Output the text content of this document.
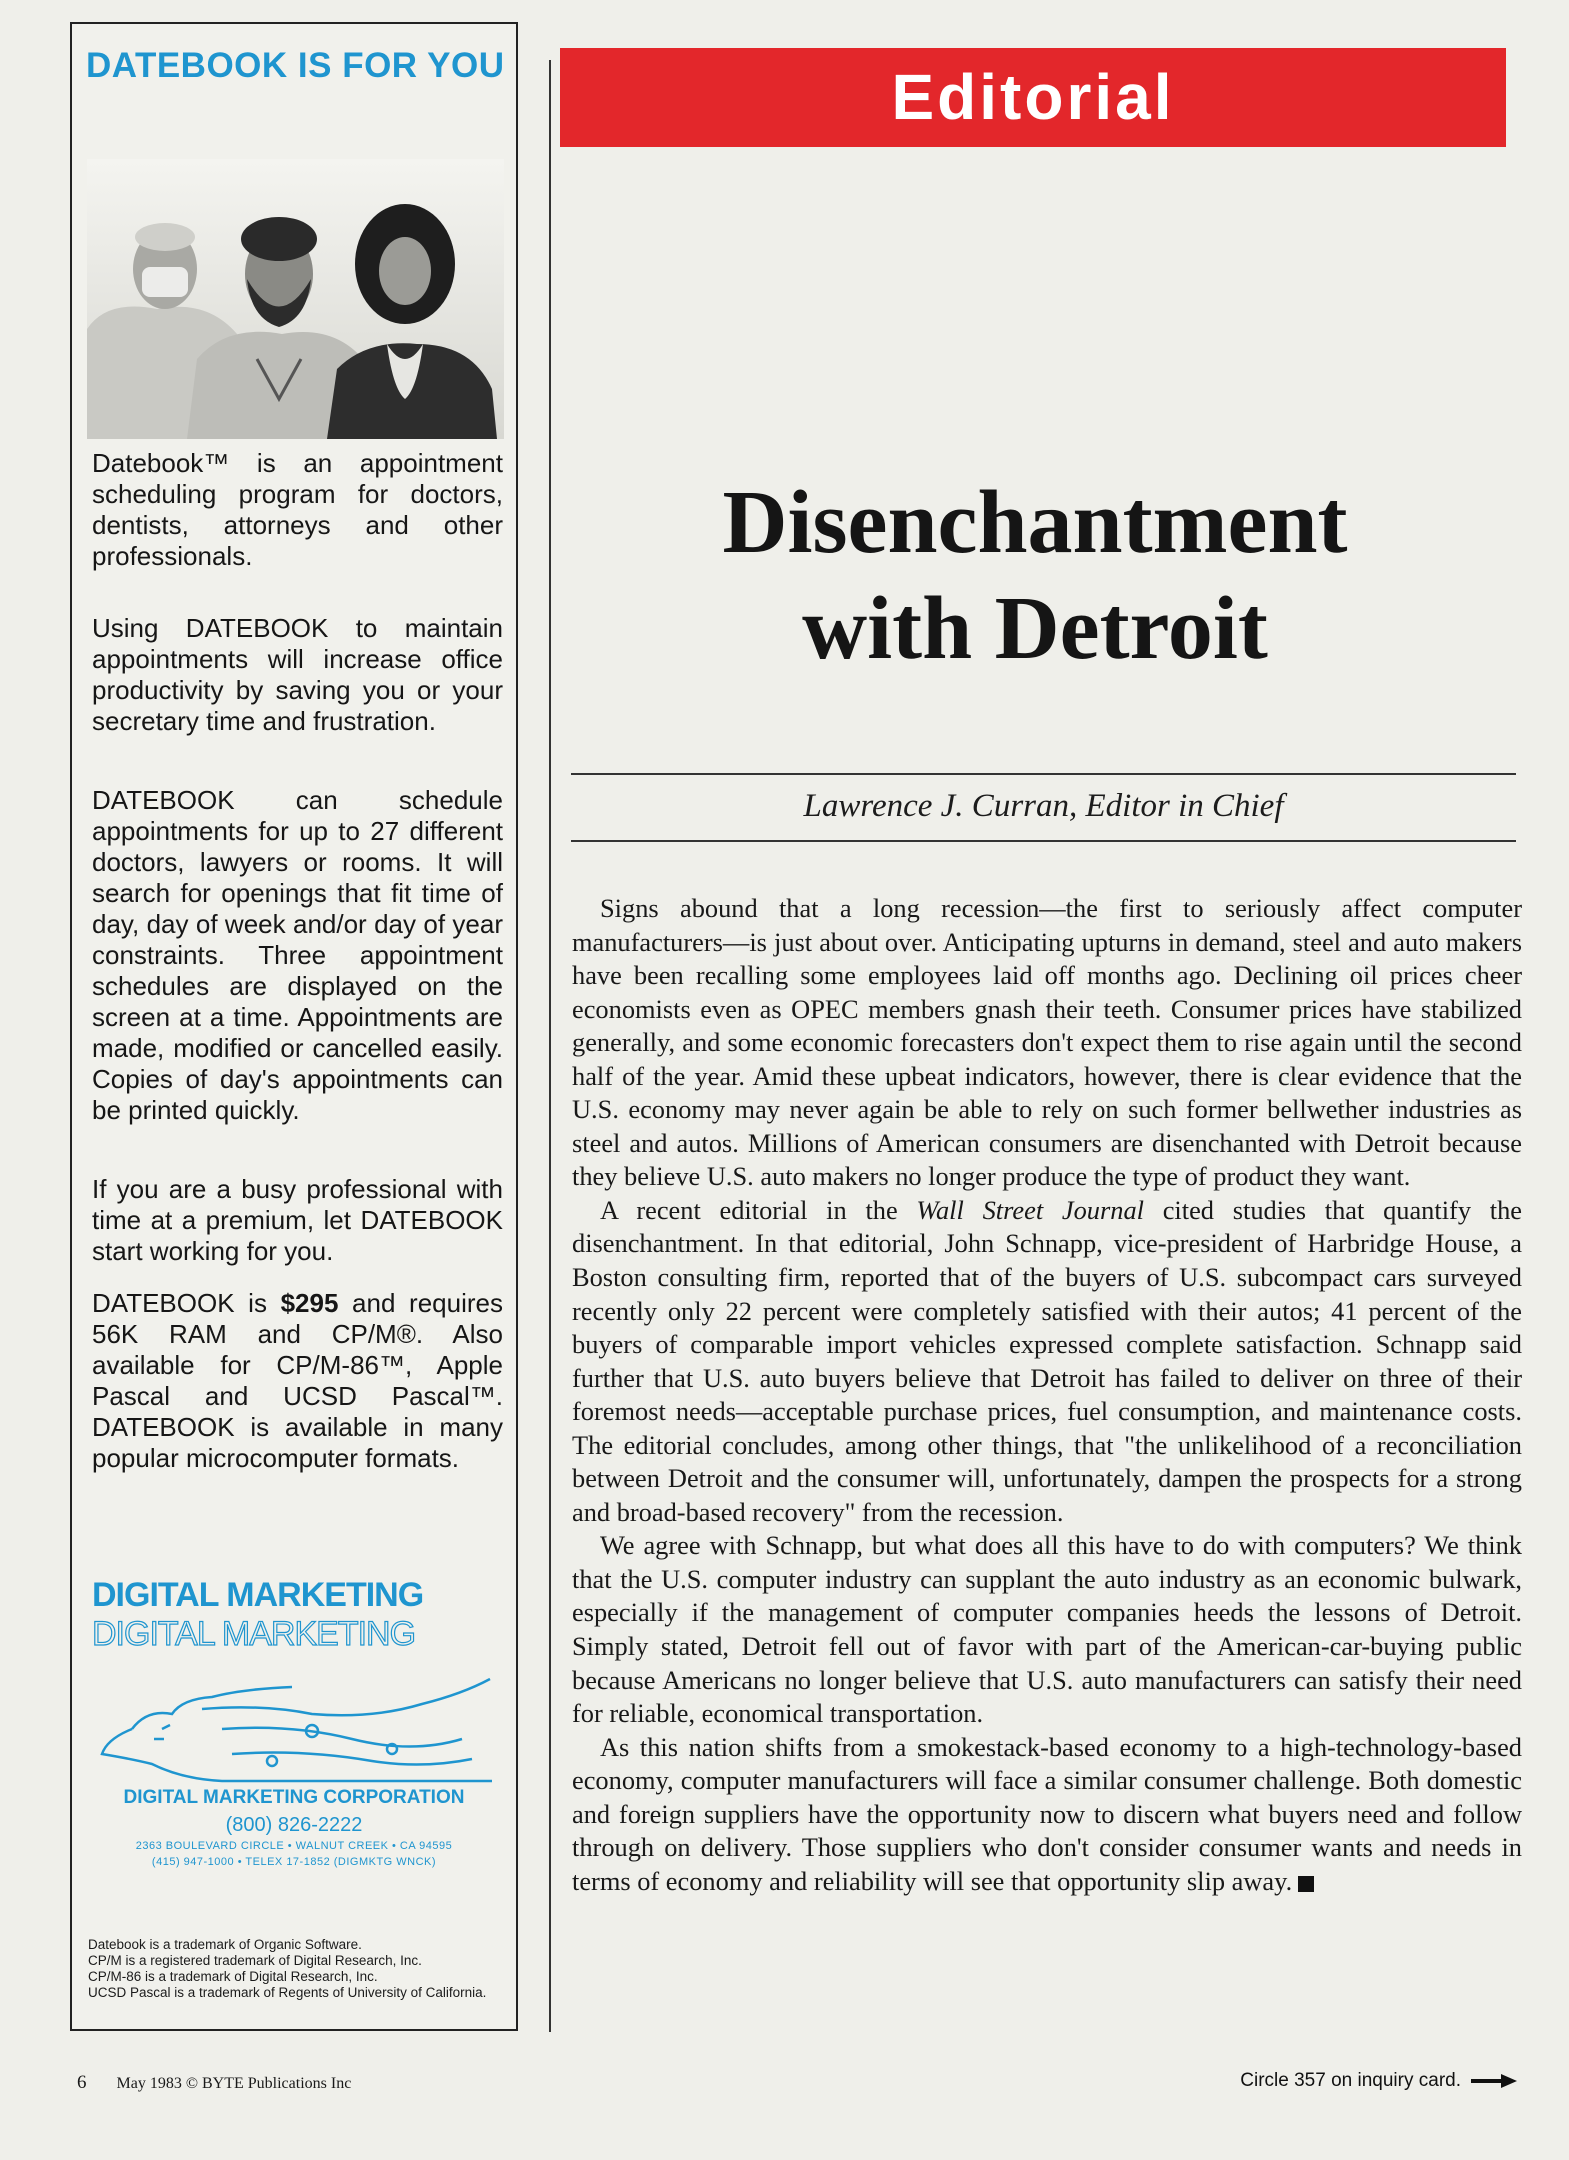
DATEBOOK IS FOR YOU

Datebook™ is an appointment scheduling program for doctors, dentists, attorneys and other professionals.

Using DATEBOOK to maintain appointments will increase office productivity by saving you or your secretary time and frustration.

DATEBOOK can schedule appointments for up to 27 different doctors, lawyers or rooms. It will search for openings that fit time of day, day of week and/or day of year constraints. Three appointment schedules are displayed on the screen at a time. Appointments are made, modified or cancelled easily. Copies of day's appointments can be printed quickly.

If you are a busy professional with time at a premium, let DATEBOOK start working for you.

DATEBOOK is $295 and requires 56K RAM and CP/M®. Also available for CP/M-86™, Apple Pascal and UCSD Pascal™. DATEBOOK is available in many popular microcomputer formats.

DIGITAL MARKETING

DIGITAL MARKETING

DIGITAL MARKETING CORPORATION

(800) 826-2222

2363 BOULEVARD CIRCLE • WALNUT CREEK • CA 94595

(415) 947-1000 • TELEX 17-1852 (DIGMKTG WNCK)

Datebook is a trademark of Organic Software.
CP/M is a registered trademark of Digital Research, Inc.
CP/M-86 is a trademark of Digital Research, Inc.
UCSD Pascal is a trademark of Regents of University of California.
Editorial
Disenchantment
with Detroit

Lawrence J. Curran, Editor in Chief

Signs abound that a long recession—the first to seriously affect computer manufacturers—is just about over. Anticipating upturns in demand, steel and auto makers have been recalling some employees laid off months ago. Declining oil prices cheer economists even as OPEC members gnash their teeth. Consumer prices have stabilized generally, and some economic forecasters don't expect them to rise again until the second half of the year. Amid these upbeat indicators, however, there is clear evidence that the U.S. economy may never again be able to rely on such former bellwether industries as steel and autos. Millions of American consumers are disenchanted with Detroit because they believe U.S. auto makers no longer produce the type of product they want.

A recent editorial in the Wall Street Journal cited studies that quantify the disenchantment. In that editorial, John Schnapp, vice-president of Harbridge House, a Boston consulting firm, reported that of the buyers of U.S. subcompact cars surveyed recently only 22 percent were completely satisfied with their autos; 41 percent of the buyers of comparable import vehicles expressed complete satisfaction. Schnapp said further that U.S. auto buyers believe that Detroit has failed to deliver on three of their foremost needs—acceptable purchase prices, fuel consumption, and maintenance costs. The editorial concludes, among other things, that "the unlikelihood of a reconciliation between Detroit and the consumer will, unfortunately, dampen the prospects for a strong and broad-based recovery" from the recession.

We agree with Schnapp, but what does all this have to do with computers? We think that the U.S. computer industry can supplant the auto industry as an economic bulwark, especially if the management of computer companies heeds the lessons of Detroit. Simply stated, Detroit fell out of favor with part of the American-car-buying public because Americans no longer believe that U.S. auto manufacturers can satisfy their need for reliable, economical transportation.

As this nation shifts from a smokestack-based economy to a high-technology-based economy, computer manufacturers will face a similar consumer challenge. Both domestic and foreign suppliers have the opportunity now to discern what buyers need and follow through on delivery. Those suppliers who don't consider consumer wants and needs in terms of economy and reliability will see that opportunity slip away.

6 May 1983 © BYTE Publications Inc	Circle 357 on inquiry card.
